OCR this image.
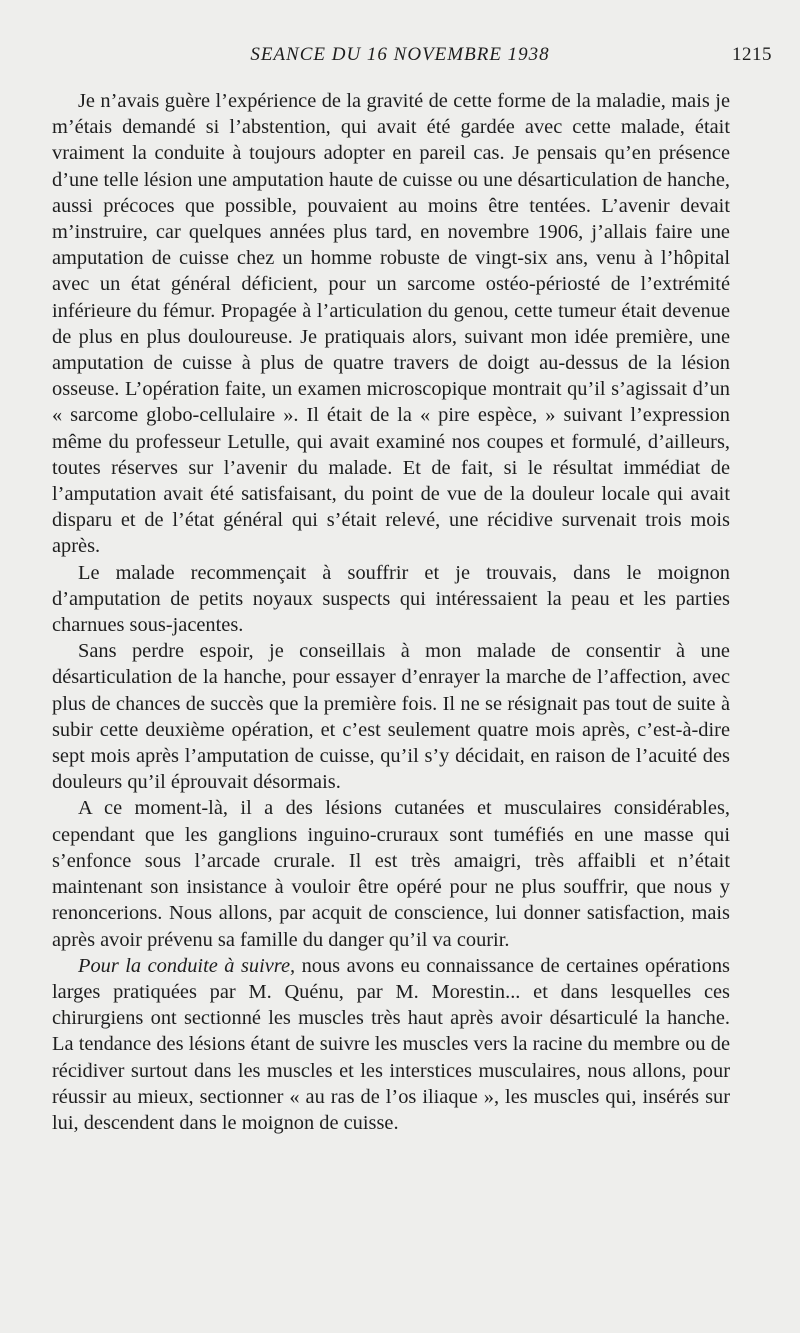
SEANCE DU 16 NOVEMBRE 1938	1215

Je n’avais guère l’expérience de la gravité de cette forme de la maladie, mais je m’étais demandé si l’abstention, qui avait été gardée avec cette malade, était vraiment la conduite à toujours adopter en pareil cas. Je pensais qu’en présence d’une telle lésion une amputation haute de cuisse ou une désarticulation de hanche, aussi précoces que possible, pouvaient au moins être tentées. L’avenir devait m’instruire, car quelques années plus tard, en novembre 1906, j’allais faire une amputation de cuisse chez un homme robuste de vingt-six ans, venu à l’hôpital avec un état général déficient, pour un sarcome ostéo-périosté de l’extrémité inférieure du fémur. Propagée à l’articulation du genou, cette tumeur était devenue de plus en plus douloureuse. Je pratiquais alors, suivant mon idée première, une amputation de cuisse à plus de quatre travers de doigt au-dessus de la lésion osseuse. L’opération faite, un examen microscopique montrait qu’il s’agissait d’un « sarcome globo-cellulaire ». Il était de la « pire espèce, » suivant l’expression même du professeur Letulle, qui avait examiné nos coupes et formulé, d’ailleurs, toutes réserves sur l’avenir du malade. Et de fait, si le résultat immédiat de l’amputation avait été satisfaisant, du point de vue de la douleur locale qui avait disparu et de l’état général qui s’était relevé, une récidive survenait trois mois après.

Le malade recommençait à souffrir et je trouvais, dans le moignon d’amputation de petits noyaux suspects qui intéressaient la peau et les parties charnues sous-jacentes.

Sans perdre espoir, je conseillais à mon malade de consentir à une désarticulation de la hanche, pour essayer d’enrayer la marche de l’affection, avec plus de chances de succès que la première fois. Il ne se résignait pas tout de suite à subir cette deuxième opération, et c’est seulement quatre mois après, c’est-à-dire sept mois après l’amputation de cuisse, qu’il s’y décidait, en raison de l’acuité des douleurs qu’il éprouvait désormais.

A ce moment-là, il a des lésions cutanées et musculaires considérables, cependant que les ganglions inguino-cruraux sont tuméfiés en une masse qui s’enfonce sous l’arcade crurale. Il est très amaigri, très affaibli et n’était maintenant son insistance à vouloir être opéré pour ne plus souffrir, que nous y renoncerions. Nous allons, par acquit de conscience, lui donner satisfaction, mais après avoir prévenu sa famille du danger qu’il va courir.

Pour la conduite à suivre, nous avons eu connaissance de certaines opérations larges pratiquées par M. Quénu, par M. Morestin... et dans lesquelles ces chirurgiens ont sectionné les muscles très haut après avoir désarticulé la hanche. La tendance des lésions étant de suivre les muscles vers la racine du membre ou de récidiver surtout dans les muscles et les interstices musculaires, nous allons, pour réussir au mieux, sectionner « au ras de l’os iliaque », les muscles qui, insérés sur lui, descendent dans le moignon de cuisse.
